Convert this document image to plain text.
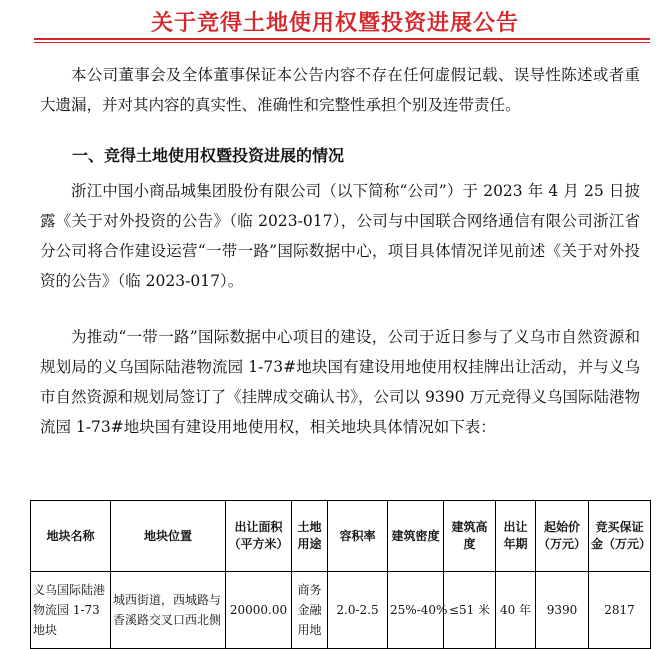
关于竞得土地使用权暨投资进展公告

本公司董事会及全体董事保证本公告内容不存在任何虚假记载、误导性陈述或者重大遗漏，并对其内容的真实性、准确性和完整性承担个别及连带责任。

一、竞得土地使用权暨投资进展的情况

浙江中国小商品城集团股份有限公司（以下简称“公司”）于 2023 年 4 月 25 日披露《关于对外投资的公告》（临 2023-017），公司与中国联合网络通信有限公司浙江省分公司将合作建设运营“一带一路”国际数据中心，项目具体情况详见前述《关于对外投资的公告》（临 2023-017）。

为推动“一带一路”国际数据中心项目的建设，公司于近日参与了义乌市自然资源和规划局的义乌国际陆港物流园 1-73#地块国有建设用地使用权挂牌出让活动，并与义乌市自然资源和规划局签订了《挂牌成交确认书》，公司以 9390 万元竞得义乌国际陆港物流园 1-73#地块国有建设用地使用权，相关地块具体情况如下表：

地块名称	地块位置	出让面积（平方米）	土地用途	容积率	建筑密度	建筑高度	出让年期	起始价（万元）	竞买保证金（万元）
义乌国际陆港物流园 1-73 地块	城西街道，西城路与香溪路交叉口西北侧	20000.00	商务金融用地	2.0-2.5	25%-40%	≤51 米	40 年	9390	2817
